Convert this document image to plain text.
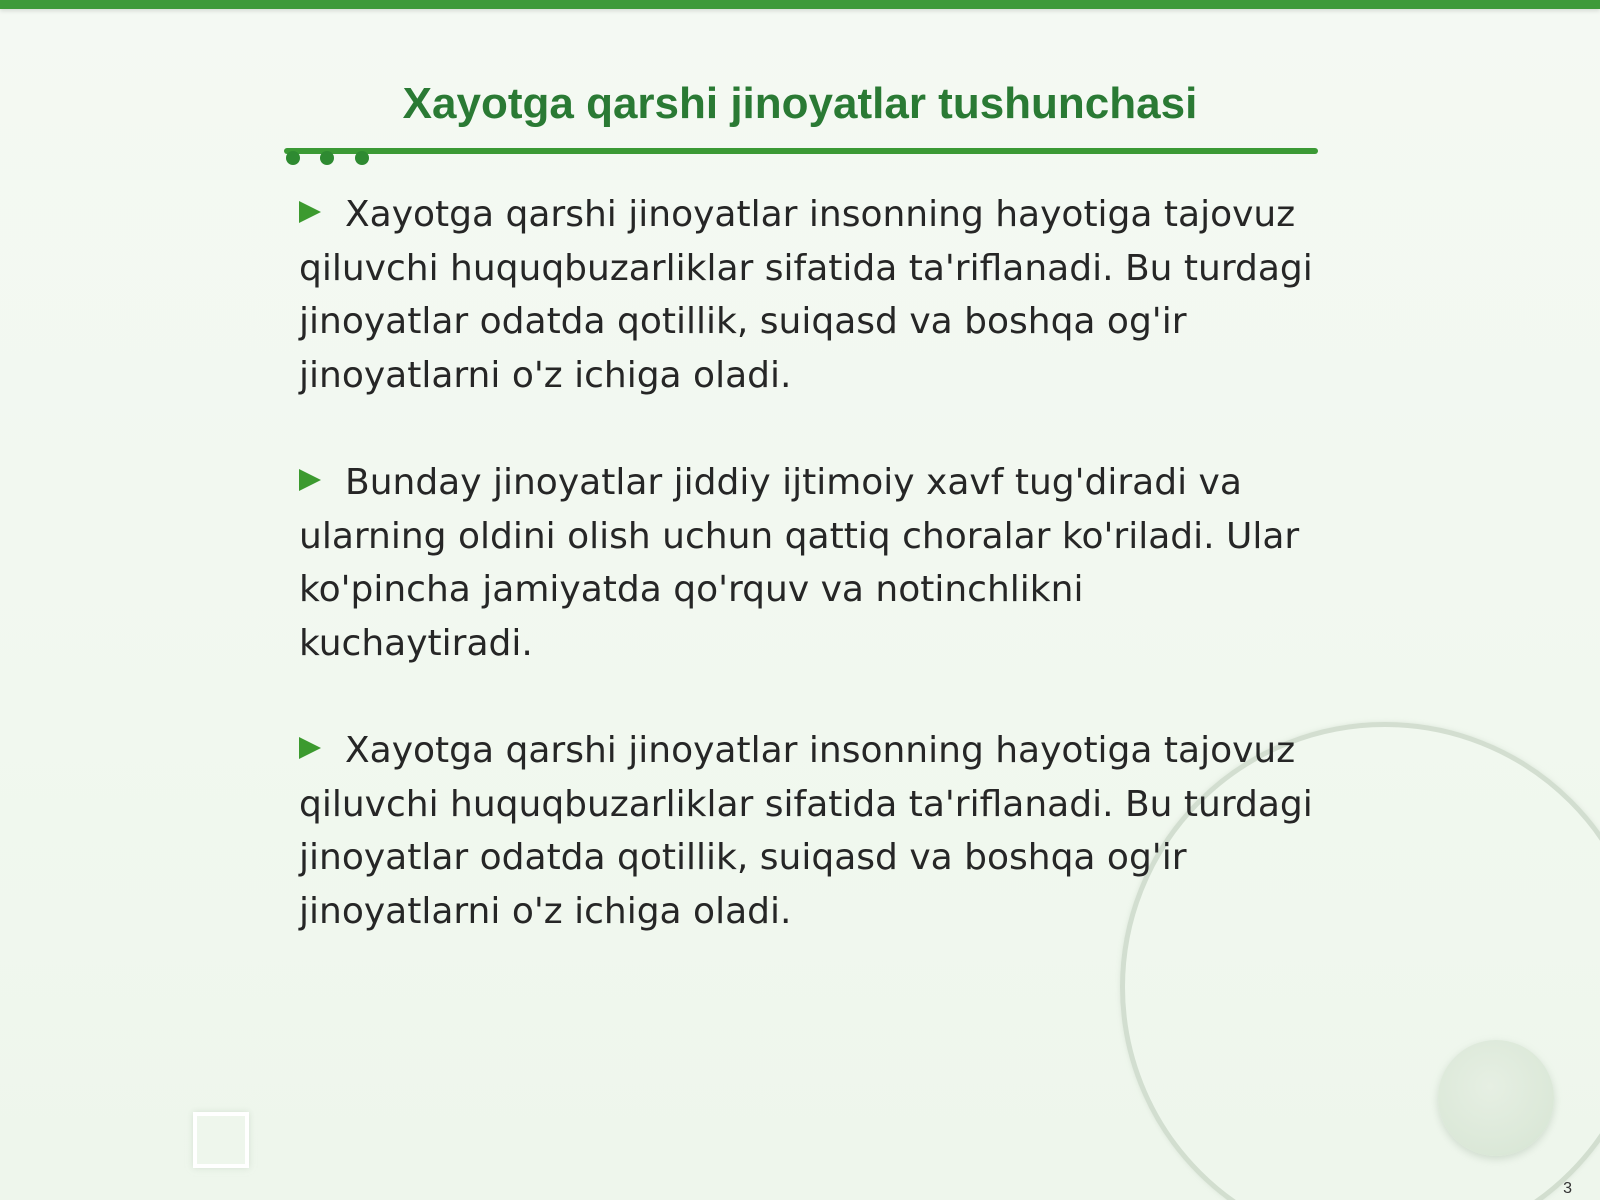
Xayotga qarshi jinoyatlar tushunchasi

Xayotga qarshi jinoyatlar insonning hayotiga tajovuz qiluvchi huquqbuzarliklar sifatida ta'riflanadi. Bu turdagi jinoyatlar odatda qotillik, suiqasd va boshqa og'ir jinoyatlarni o'z ichiga oladi.

Bunday jinoyatlar jiddiy ijtimoiy xavf tug'diradi va ularning oldini olish uchun qattiq choralar ko'riladi. Ular ko'pincha jamiyatda qo'rquv va notinchlikni kuchaytiradi.

Xayotga qarshi jinoyatlar insonning hayotiga tajovuz qiluvchi huquqbuzarliklar sifatida ta'riflanadi. Bu turdagi jinoyatlar odatda qotillik, suiqasd va boshqa og'ir jinoyatlarni o'z ichiga oladi.

3
